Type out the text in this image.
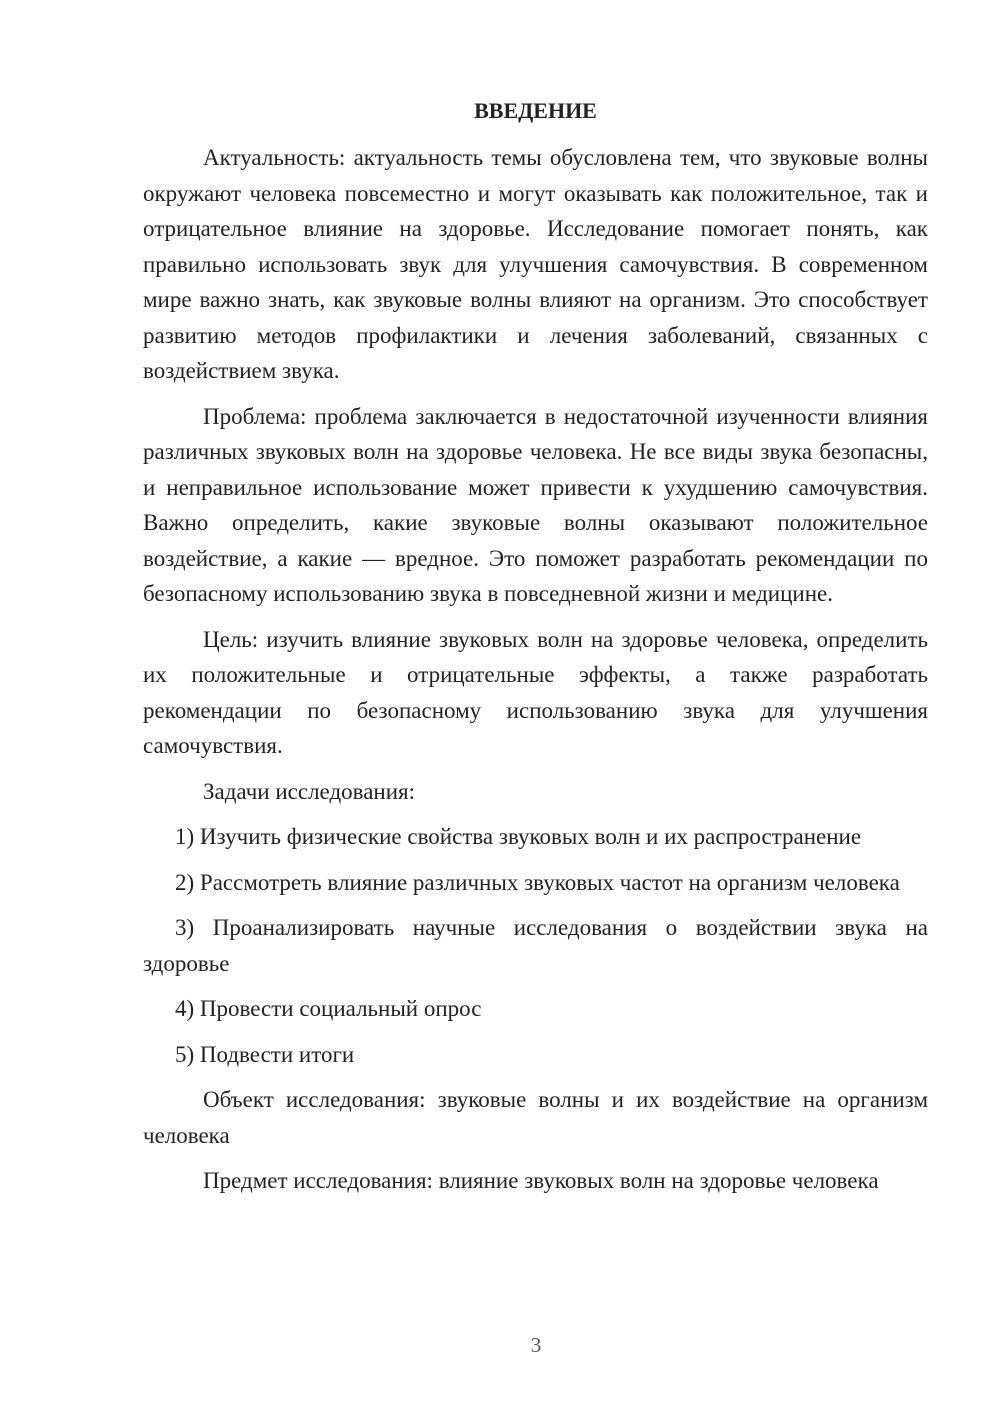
ВВЕДЕНИЕ

Актуальность: актуальность темы обусловлена тем, что звуковые волны окружают человека повсеместно и могут оказывать как положительное, так и отрицательное влияние на здоровье. Исследование помогает понять, как правильно использовать звук для улучшения самочувствия. В современном мире важно знать, как звуковые волны влияют на организм. Это способствует развитию методов профилактики и лечения заболеваний, связанных с воздействием звука.

Проблема: проблема заключается в недостаточной изученности влияния различных звуковых волн на здоровье человека. Не все виды звука безопасны, и неправильное использование может привести к ухудшению самочувствия. Важно определить, какие звуковые волны оказывают положительное воздействие, а какие — вредное. Это поможет разработать рекомендации по безопасному использованию звука в повседневной жизни и медицине.

Цель: изучить влияние звуковых волн на здоровье человека, определить их положительные и отрицательные эффекты, а также разработать рекомендации по безопасному использованию звука для улучшения самочувствия.

Задачи исследования:

1) Изучить физические свойства звуковых волн и их распространение

2) Рассмотреть влияние различных звуковых частот на организм человека

3) Проанализировать научные исследования о воздействии звука на здоровье

4) Провести социальный опрос

5) Подвести итоги

Объект исследования: звуковые волны и их воздействие на организм человека

Предмет исследования: влияние звуковых волн на здоровье человека

3
